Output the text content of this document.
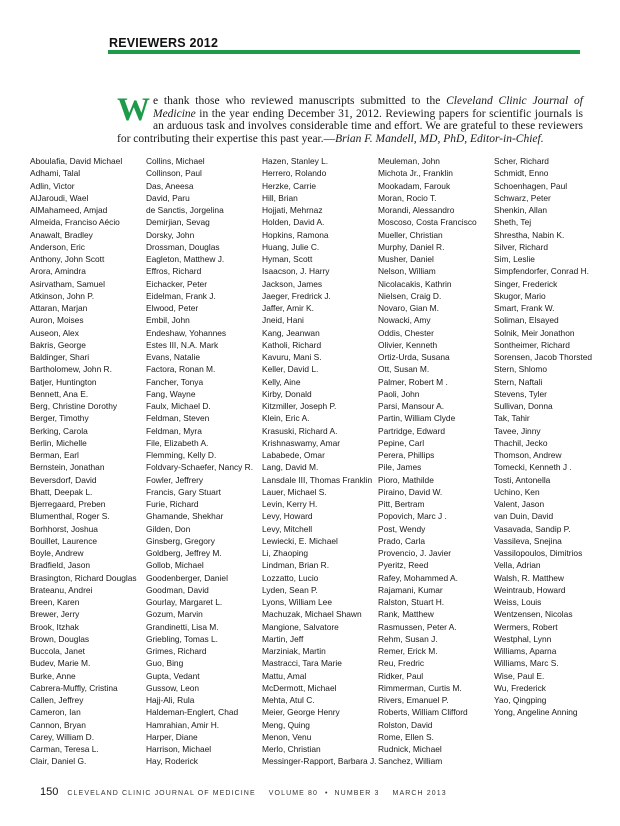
REVIEWERS 2012
We thank those who reviewed manuscripts submitted to the Cleveland Clinic Journal of Medicine in the year ending December 31, 2012. Reviewing papers for scientific journals is an arduous task and involves considerable time and effort. We are grateful to these reviewers for contributing their expertise this past year.—Brian F. Mandell, MD, PhD, Editor-in-Chief.
Aboulafia, David Michael
Adhami, Talal
Adlin, Victor
AlJaroudi, Wael
AlMahameed, Amjad
Almeida, Franciso Aécio
Anawalt, Bradley
Anderson, Eric
Anthony, John Scott
Arora, Amindra
Asirvatham, Samuel
Atkinson, John P.
Attaran, Marjan
Auron, Moises
Auseon, Alex
Bakris, George
Baldinger, Shari
Bartholomew, John R.
Batjer, Huntington
Bennett, Ana E.
Berg, Christine Dorothy
Berger, Timothy
Berking, Carola
Berlin, Michelle
Berman, Earl
Bernstein, Jonathan
Beversdorf, David
Bhatt, Deepak L.
Bjerregaard, Preben
Blumenthal, Roger S.
Borhhorst, Joshua
Bouillet, Laurence
Boyle, Andrew
Bradfield, Jason
Brasington, Richard Douglas
Brateanu, Andrei
Breen, Karen
Brewer, Jerry
Brook, Itzhak
Brown, Douglas
Buccola, Janet
Budev, Marie M.
Burke, Anne
Cabrera-Muffly, Cristina
Callen, Jeffrey
Cameron, Ian
Cannon, Bryan
Carey, William D.
Carman, Teresa L.
Clair, Daniel G.
Collins, Michael
Collinson, Paul
Das, Aneesa
David, Paru
de Sanctis, Jorgelina
Demirjian, Sevag
Dorsky, John
Drossman, Douglas
Eagleton, Matthew J.
Effros, Richard
Eichacker, Peter
Eidelman, Frank J.
Elwood, Peter
Embil, John
Endeshaw, Yohannes
Estes III, N.A. Mark
Evans, Natalie
Factora, Ronan M.
Fancher, Tonya
Fang, Wayne
Faulx, Michael D.
Feldman, Steven
Feldman, Myra
File, Elizabeth A.
Flemming, Kelly D.
Foldvary-Schaefer, Nancy R.
Fowler, Jeffrery
Francis, Gary Stuart
Furie, Richard
Ghamande, Shekhar
Gilden, Don
Ginsberg, Gregory
Goldberg, Jeffrey M.
Gollob, Michael
Goodenberger, Daniel
Goodman, David
Gourlay, Margaret L.
Gozum, Marvin
Grandinetti, Lisa M.
Griebling, Tomas L.
Grimes, Richard
Guo, Bing
Gupta, Vedant
Gussow, Leon
Hajj-Ali, Rula
Haldeman-Englert, Chad
Hamrahian, Amir H.
Harper, Diane
Harrison, Michael
Hay, Roderick
Hazen, Stanley L.
Herrero, Rolando
Herzke, Carrie
Hill, Brian
Hojjati, Mehrnaz
Holden, David A.
Hopkins, Ramona
Huang, Julie C.
Hyman, Scott
Isaacson, J. Harry
Jackson, James
Jaeger, Fredrick J.
Jaffer, Amir K.
Jneid, Hani
Kang, Jeanwan
Katholi, Richard
Kavuru, Mani S.
Keller, David L.
Kelly, Aine
Kirby, Donald
Kitzmiller, Joseph P.
Klein, Eric A.
Krasuski, Richard A.
Krishnaswamy, Amar
Lababede, Omar
Lang, David M.
Lansdale III, Thomas Franklin
Lauer, Michael S.
Levin, Kerry H.
Levy, Howard
Levy, Mitchell
Lewiecki, E. Michael
Li, Zhaoping
Lindman, Brian R.
Lozzatto, Lucio
Lyden, Sean P.
Lyons, William Lee
Machuzak, Michael Shawn
Mangione, Salvatore
Martin, Jeff
Marziniak, Martin
Mastracci, Tara Marie
Mattu, Amal
McDermott, Michael
Mehta, Atul C.
Meier, George Henry
Meng, Quing
Menon, Venu
Merlo, Christian
Messinger-Rapport, Barbara J.
Meuleman, John
Michota Jr., Franklin
Mookadam, Farouk
Moran, Rocio T.
Morandi, Alessandro
Moscoso, Costa Francisco
Mueller, Christian
Murphy, Daniel R.
Musher, Daniel
Nelson, William
Nicolacakis, Kathrin
Nielsen, Craig D.
Novaro, Gian M.
Nowacki, Amy
Oddis, Chester
Olivier, Kenneth
Ortiz-Urda, Susana
Ott, Susan M.
Palmer, Robert M .
Paoli, John
Parsi, Mansour A.
Partin, William Clyde
Partridge, Edward
Pepine, Carl
Perera, Phillips
Pile, James
Pioro, Mathilde
Piraino, David W.
Pitt, Bertram
Popovich, Marc J .
Post, Wendy
Prado, Carla
Provencio, J. Javier
Pyeritz, Reed
Rafey, Mohammed A.
Rajamani, Kumar
Ralston, Stuart H.
Rank, Matthew
Rasmussen, Peter A.
Rehm, Susan J.
Remer, Erick M.
Reu, Fredric
Ridker, Paul
Rimmerman, Curtis M.
Rivers, Emanuel P.
Roberts, William Clifford
Rolston, David
Rome, Ellen S.
Rudnick, Michael
Sanchez, William
Scher, Richard
Schmidt, Enno
Schoenhagen, Paul
Schwarz, Peter
Shenkin, Allan
Sheth, Tej
Shrestha, Nabin K.
Silver, Richard
Sim, Leslie
Simpfendorfer, Conrad H.
Singer, Frederick
Skugor, Mario
Smart, Frank W.
Soliman, Elsayed
Solnik, Meir Jonathon
Sontheimer, Richard
Sorensen, Jacob Thorsted
Stern, Shlomo
Stern, Naftali
Stevens, Tyler
Sullivan, Donna
Tak, Tahir
Tavee, Jinny
Thachil, Jecko
Thomson, Andrew
Tomecki, Kenneth J .
Tosti, Antonella
Uchino, Ken
Valent, Jason
van Duin, David
Vasavada, Sandip P.
Vassileva, Snejina
Vassilopoulos, Dimitrios
Vella, Adrian
Walsh, R. Matthew
Weintraub, Howard
Weiss, Louis
Wentzensen, Nicolas
Wermers, Robert
Westphal, Lynn
Williams, Aparna
Williams, Marc S.
Wise, Paul E.
Wu, Frederick
Yao, Qingping
Yong, Angeline Anning
150 CLEVELAND CLINIC JOURNAL OF MEDICINE VOLUME 80 • NUMBER 3 MARCH 2013
